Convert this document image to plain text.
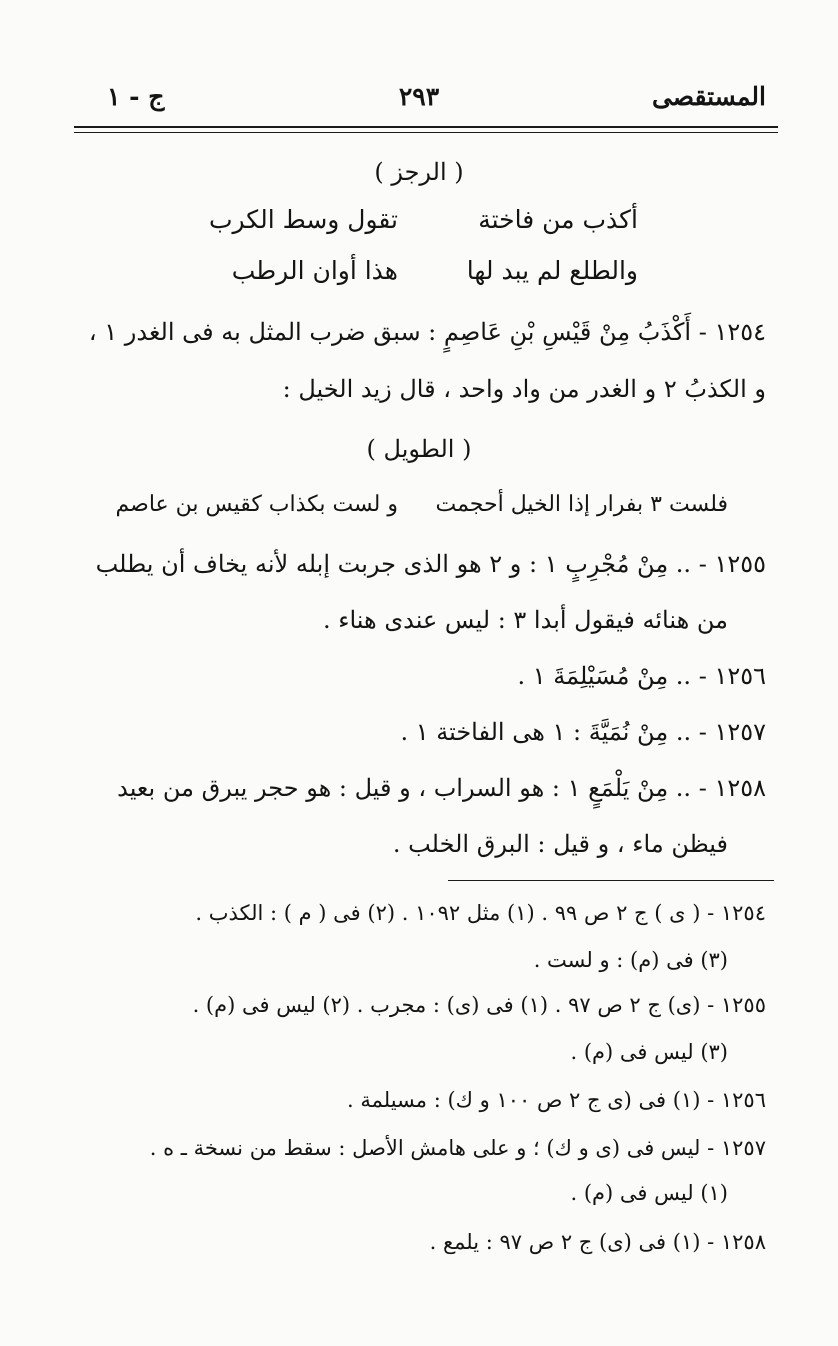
المستقصى
٢٩٣
ج - ١
( الرجز )
أكذب من فاختة
تقول وسط الكرب
والطلع لم يبد لها
هذا أوان الرطب
١٢٥٤ - أَكْذَبُ مِنْ قَيْسِ بْنِ عَاصِمٍ : سبق ضرب المثل به فى الغدر ١ ،
و الكذبُ ٢ و الغدر من واد واحد ، قال زيد الخيل :
( الطويل )
فلست ٣ بفرار إذا الخيل أحجمت
و لست بكذاب كقيس بن عاصم
١٢٥٥ - .. مِنْ مُجْرِبٍ ١ : و ٢ هو الذى جربت إبله لأنه يخاف أن يطلب
من هنائه فيقول أبدا ٣ : ليس عندى هناء .
١٢٥٦ - .. مِنْ مُسَيْلِمَةَ ١ .
١٢٥٧ - .. مِنْ نُمَيَّةَ : ١ هى الفاختة ١ .
١٢٥٨ - .. مِنْ يَلْمَعٍ ١ : هو السراب ، و قيل : هو حجر يبرق من بعيد
فيظن ماء ، و قيل : البرق الخلب .
١٢٥٤ - ( ى ) ج ٢ ص ٩٩ . (١) مثل ١٠٩٢ . (٢) فى ( م ) : الكذب .
(٣) فى (م) : و لست .
١٢٥٥ - (ى) ج ٢ ص ٩٧ . (١) فى (ى) : مجرب . (٢) ليس فى (م) .
(٣) ليس فى (م) .
١٢٥٦ - (١) فى (ى ج ٢ ص ١٠٠ و ك) : مسيلمة .
١٢٥٧ - ليس فى (ى و ك) ؛ و على هامش الأصل : سقط من نسخة ـ ه .
(١) ليس فى (م) .
١٢٥٨ - (١) فى (ى) ج ٢ ص ٩٧ : يلمع .
